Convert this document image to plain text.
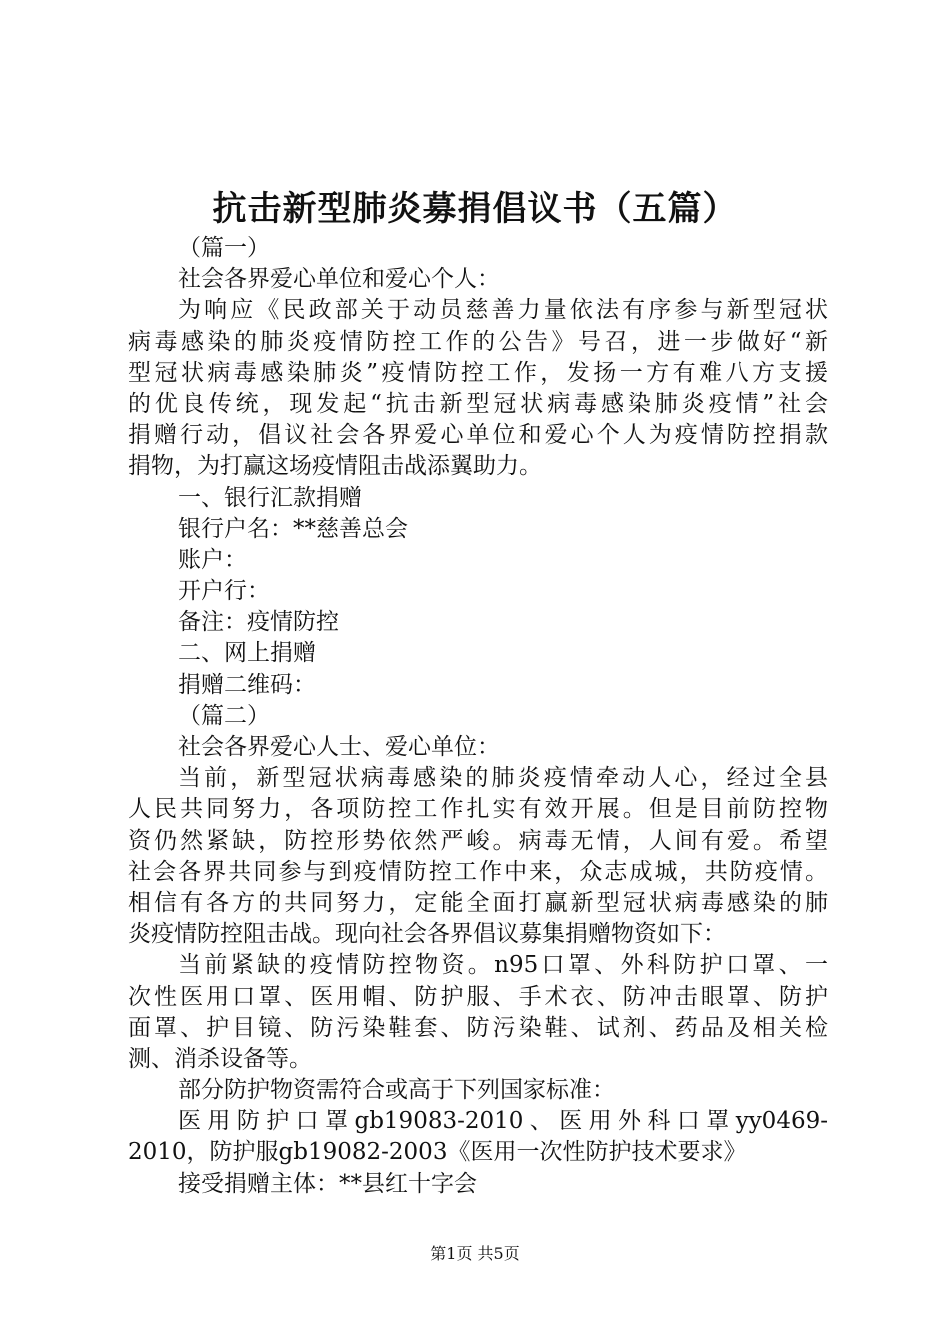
抗击新型肺炎募捐倡议书（五篇）
（篇一）
社会各界爱心单位和爱心个人：
为响应《民政部关于动员慈善力量依法有序参与新型冠状
病毒感染的肺炎疫情防控工作的公告》号召，进一步做好“新
型冠状病毒感染肺炎”疫情防控工作，发扬一方有难八方支援
的优良传统，现发起“抗击新型冠状病毒感染肺炎疫情”社会
捐赠行动，倡议社会各界爱心单位和爱心个人为疫情防控捐款
捐物，为打赢这场疫情阻击战添翼助力。
一、银行汇款捐赠
银行户名：**慈善总会
账户：
开户行：
备注：疫情防控
二、网上捐赠
捐赠二维码：
（篇二）
社会各界爱心人士、爱心单位：
当前，新型冠状病毒感染的肺炎疫情牵动人心，经过全县
人民共同努力，各项防控工作扎实有效开展。但是目前防控物
资仍然紧缺，防控形势依然严峻。病毒无情，人间有爱。希望
社会各界共同参与到疫情防控工作中来，众志成城，共防疫情。
相信有各方的共同努力，定能全面打赢新型冠状病毒感染的肺
炎疫情防控阻击战。现向社会各界倡议募集捐赠物资如下：
当前紧缺的疫情防控物资。n95口罩、外科防护口罩、一
次性医用口罩、医用帽、防护服、手术衣、防冲击眼罩、防护
面罩、护目镜、防污染鞋套、防污染鞋、试剂、药品及相关检
测、消杀设备等。
部分防护物资需符合或高于下列国家标准：
医用防护口罩gb19083-2010、医用外科口罩yy0469-
2010，防护服gb19082-2003《医用一次性防护技术要求》
接受捐赠主体：**县红十字会
第1页 共5页
